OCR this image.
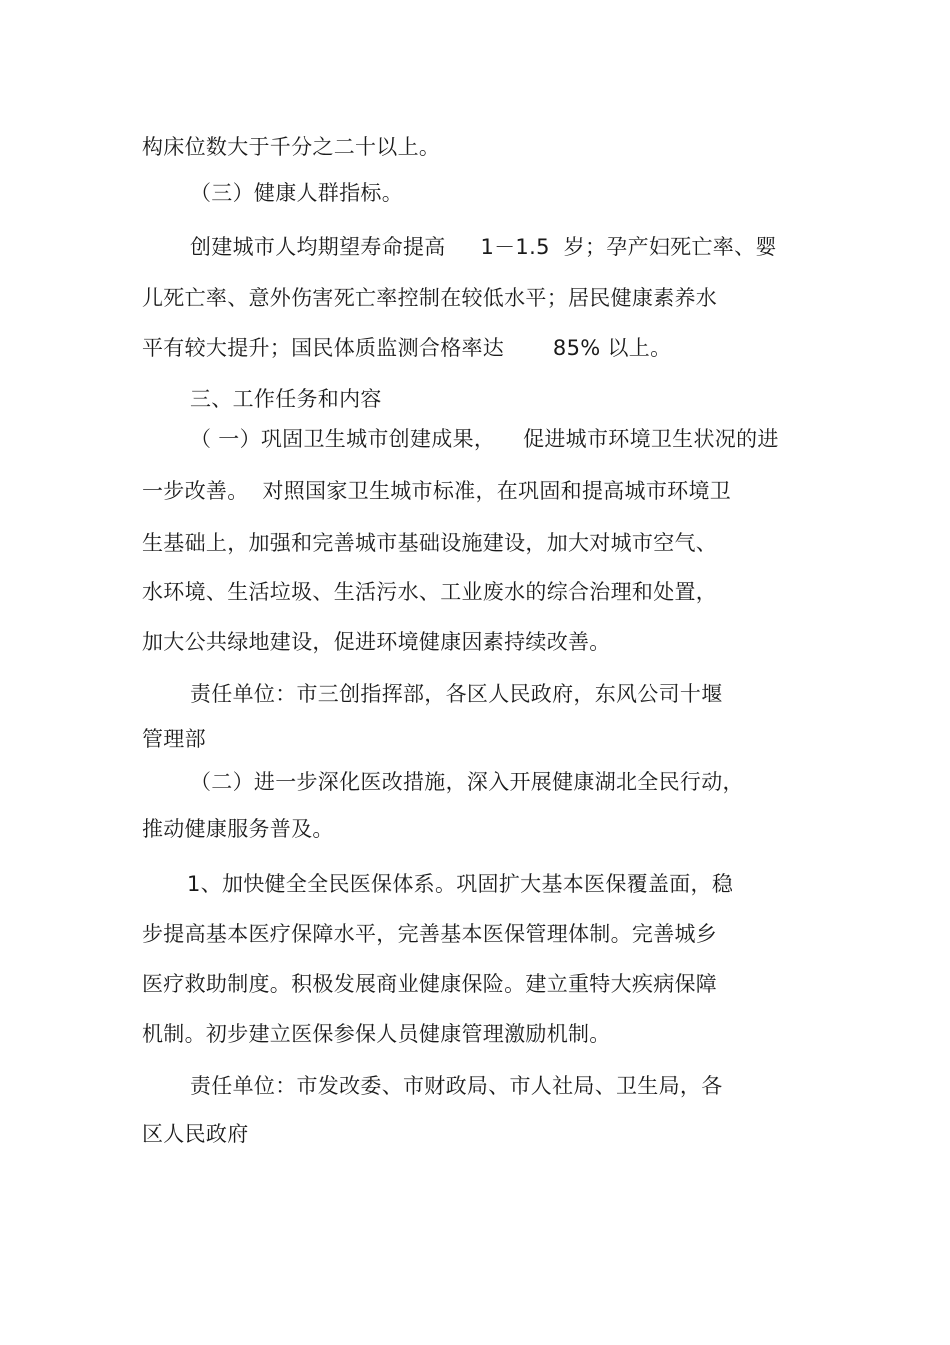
构床位数大于千分之二十以上。
（三）健康人群指标。
创建城市人均期望寿命提高     1－1.5  岁；孕产妇死亡率、婴
儿死亡率、意外伤害死亡率控制在较低水平；居民健康素养水
平有较大提升；国民体质监测合格率达       85% 以上。
三、工作任务和内容
（ 一）巩固卫生城市创建成果，    促进城市环境卫生状况的进
一步改善。  对照国家卫生城市标准，在巩固和提高城市环境卫
生基础上，加强和完善城市基础设施建设，加大对城市空气、
水环境、生活垃圾、生活污水、工业废水的综合治理和处置，
加大公共绿地建设，促进环境健康因素持续改善。
责任单位：市三创指挥部，各区人民政府，东风公司十堰
管理部
（二）进一步深化医改措施，深入开展健康湖北全民行动，
推动健康服务普及。
1、加快健全全民医保体系。巩固扩大基本医保覆盖面，稳
步提高基本医疗保障水平，完善基本医保管理体制。完善城乡
医疗救助制度。积极发展商业健康保险。建立重特大疾病保障
机制。初步建立医保参保人员健康管理激励机制。
责任单位：市发改委、市财政局、市人社局、卫生局，各
区人民政府
